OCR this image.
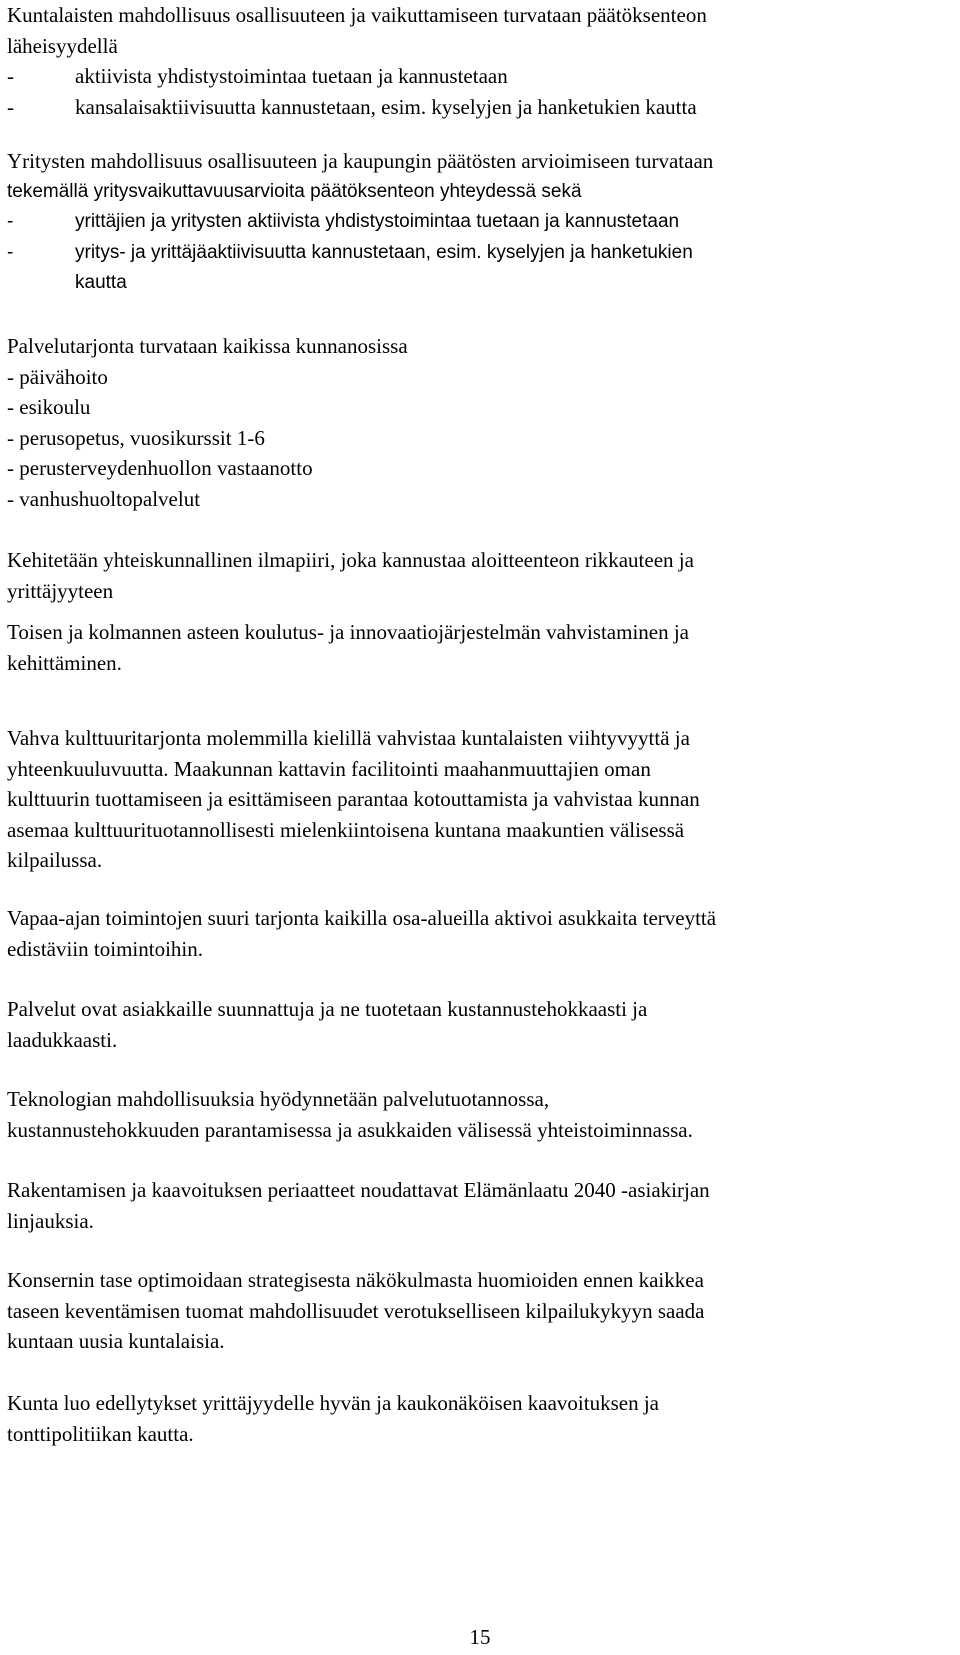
Kuntalaisten mahdollisuus osallisuuteen ja vaikuttamiseen turvataan päätöksenteon
läheisyydellä
-	aktiivista yhdistystoimintaa tuetaan ja kannustetaan
-	kansalaisaktiivisuutta kannustetaan, esim. kyselyjen ja hanketukien kautta
Yritysten mahdollisuus osallisuuteen ja kaupungin päätösten arvioimiseen turvataan
tekemällä yritysvaikuttavuusarvioita päätöksenteon yhteydessä sekä
-	yrittäjien ja yritysten aktiivista yhdistystoimintaa tuetaan ja kannustetaan
-	yritys- ja yrittäjäaktiivisuutta kannustetaan, esim. kyselyjen ja hanketukien
kautta
Palvelutarjonta turvataan kaikissa kunnanosissa
- päivähoito
- esikoulu
- perusopetus, vuosikurssit 1-6
- perusterveydenhuollon vastaanotto
- vanhushuoltopalvelut
Kehitetään yhteiskunnallinen ilmapiiri, joka kannustaa aloitteenteon rikkauteen ja
yrittäjyyteen
Toisen ja kolmannen asteen koulutus- ja innovaatiojärjestelmän vahvistaminen ja
kehittäminen.
Vahva kulttuuritarjonta molemmilla kielillä vahvistaa kuntalaisten viihtyvyyttä ja
yhteenkuuluvuutta. Maakunnan kattavin facilitointi maahanmuuttajien oman
kulttuurin tuottamiseen ja esittämiseen parantaa kotouttamista ja vahvistaa kunnan
asemaa kulttuurituotannollisesti mielenkiintoisena kuntana maakuntien välisessä
kilpailussa.
Vapaa-ajan toimintojen suuri tarjonta kaikilla osa-alueilla aktivoi asukkaita terveyttä
edistäviin toimintoihin.
Palvelut ovat asiakkaille suunnattuja ja ne tuotetaan kustannustehokkaasti ja
laadukkaasti.
Teknologian mahdollisuuksia hyödynnetään palvelutuotannossa,
kustannustehokkuuden parantamisessa ja asukkaiden välisessä yhteistoiminnassa.
Rakentamisen ja kaavoituksen periaatteet noudattavat Elämänlaatu 2040 -asiakirjan
linjauksia.
Konsernin tase optimoidaan strategisesta näkökulmasta huomioiden ennen kaikkea
taseen keventämisen tuomat mahdollisuudet verotukselliseen kilpailukykyyn saada
kuntaan uusia kuntalaisia.
Kunta luo edellytykset yrittäjyydelle hyvän ja kaukonäköisen kaavoituksen ja
tonttipolitiikan kautta.
15
